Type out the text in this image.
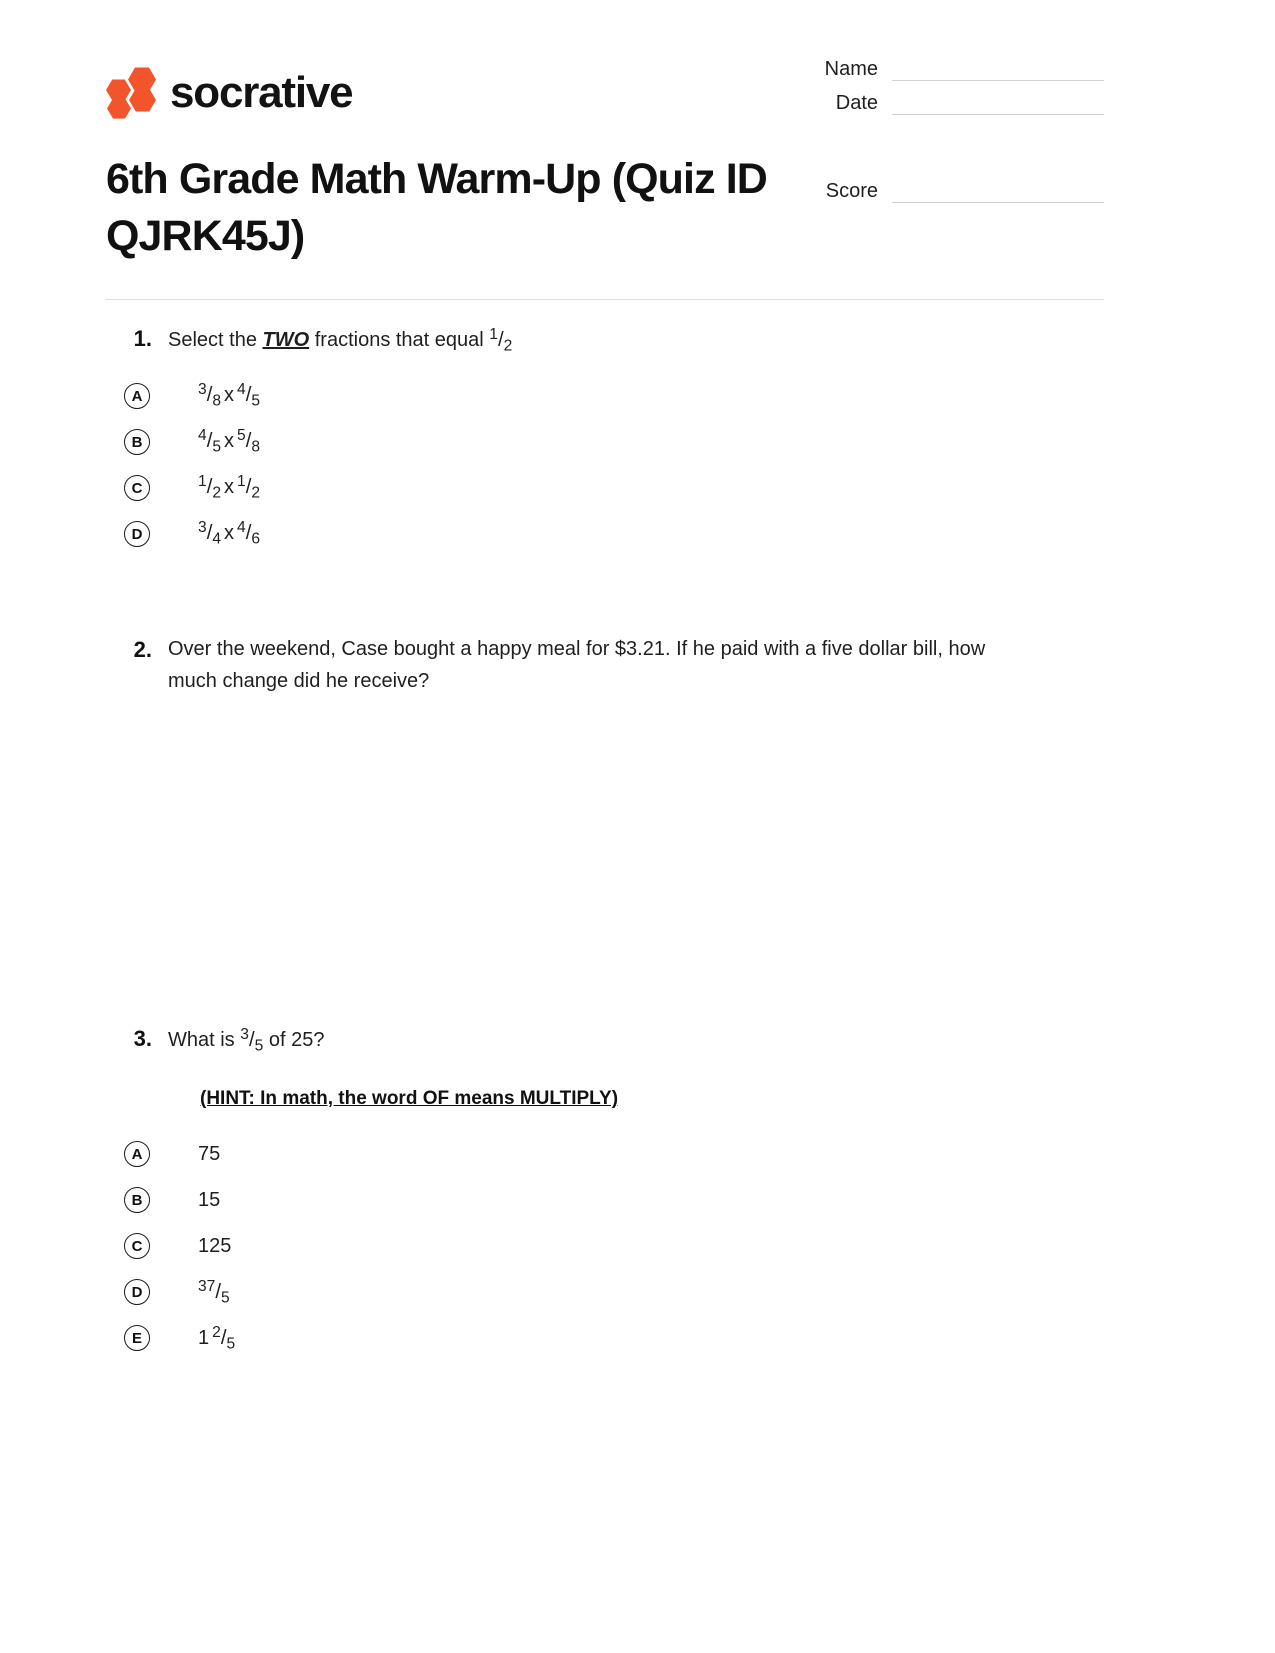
socrative	Name
Date
Score
6th Grade Math Warm-Up (Quiz ID QJRK45J)
1. Select the TWO fractions that equal $^1/_2$
A	$^3/_8$ x $^4/_5$
B	$^4/_5$ x $^5/_8$
C	$^1/_2$ x $^1/_2$
D	$^3/_4$ x $^4/_6$
2. Over the weekend, Case bought a happy meal for $3.21. If he paid with a five dollar bill, how much change did he receive?
3. What is $^3/_5$ of 25?
(HINT: In math, the word OF means MULTIPLY)
A	75
B	15
C	125
D	$^{37}/_5$
E	1 $^2/_5$
